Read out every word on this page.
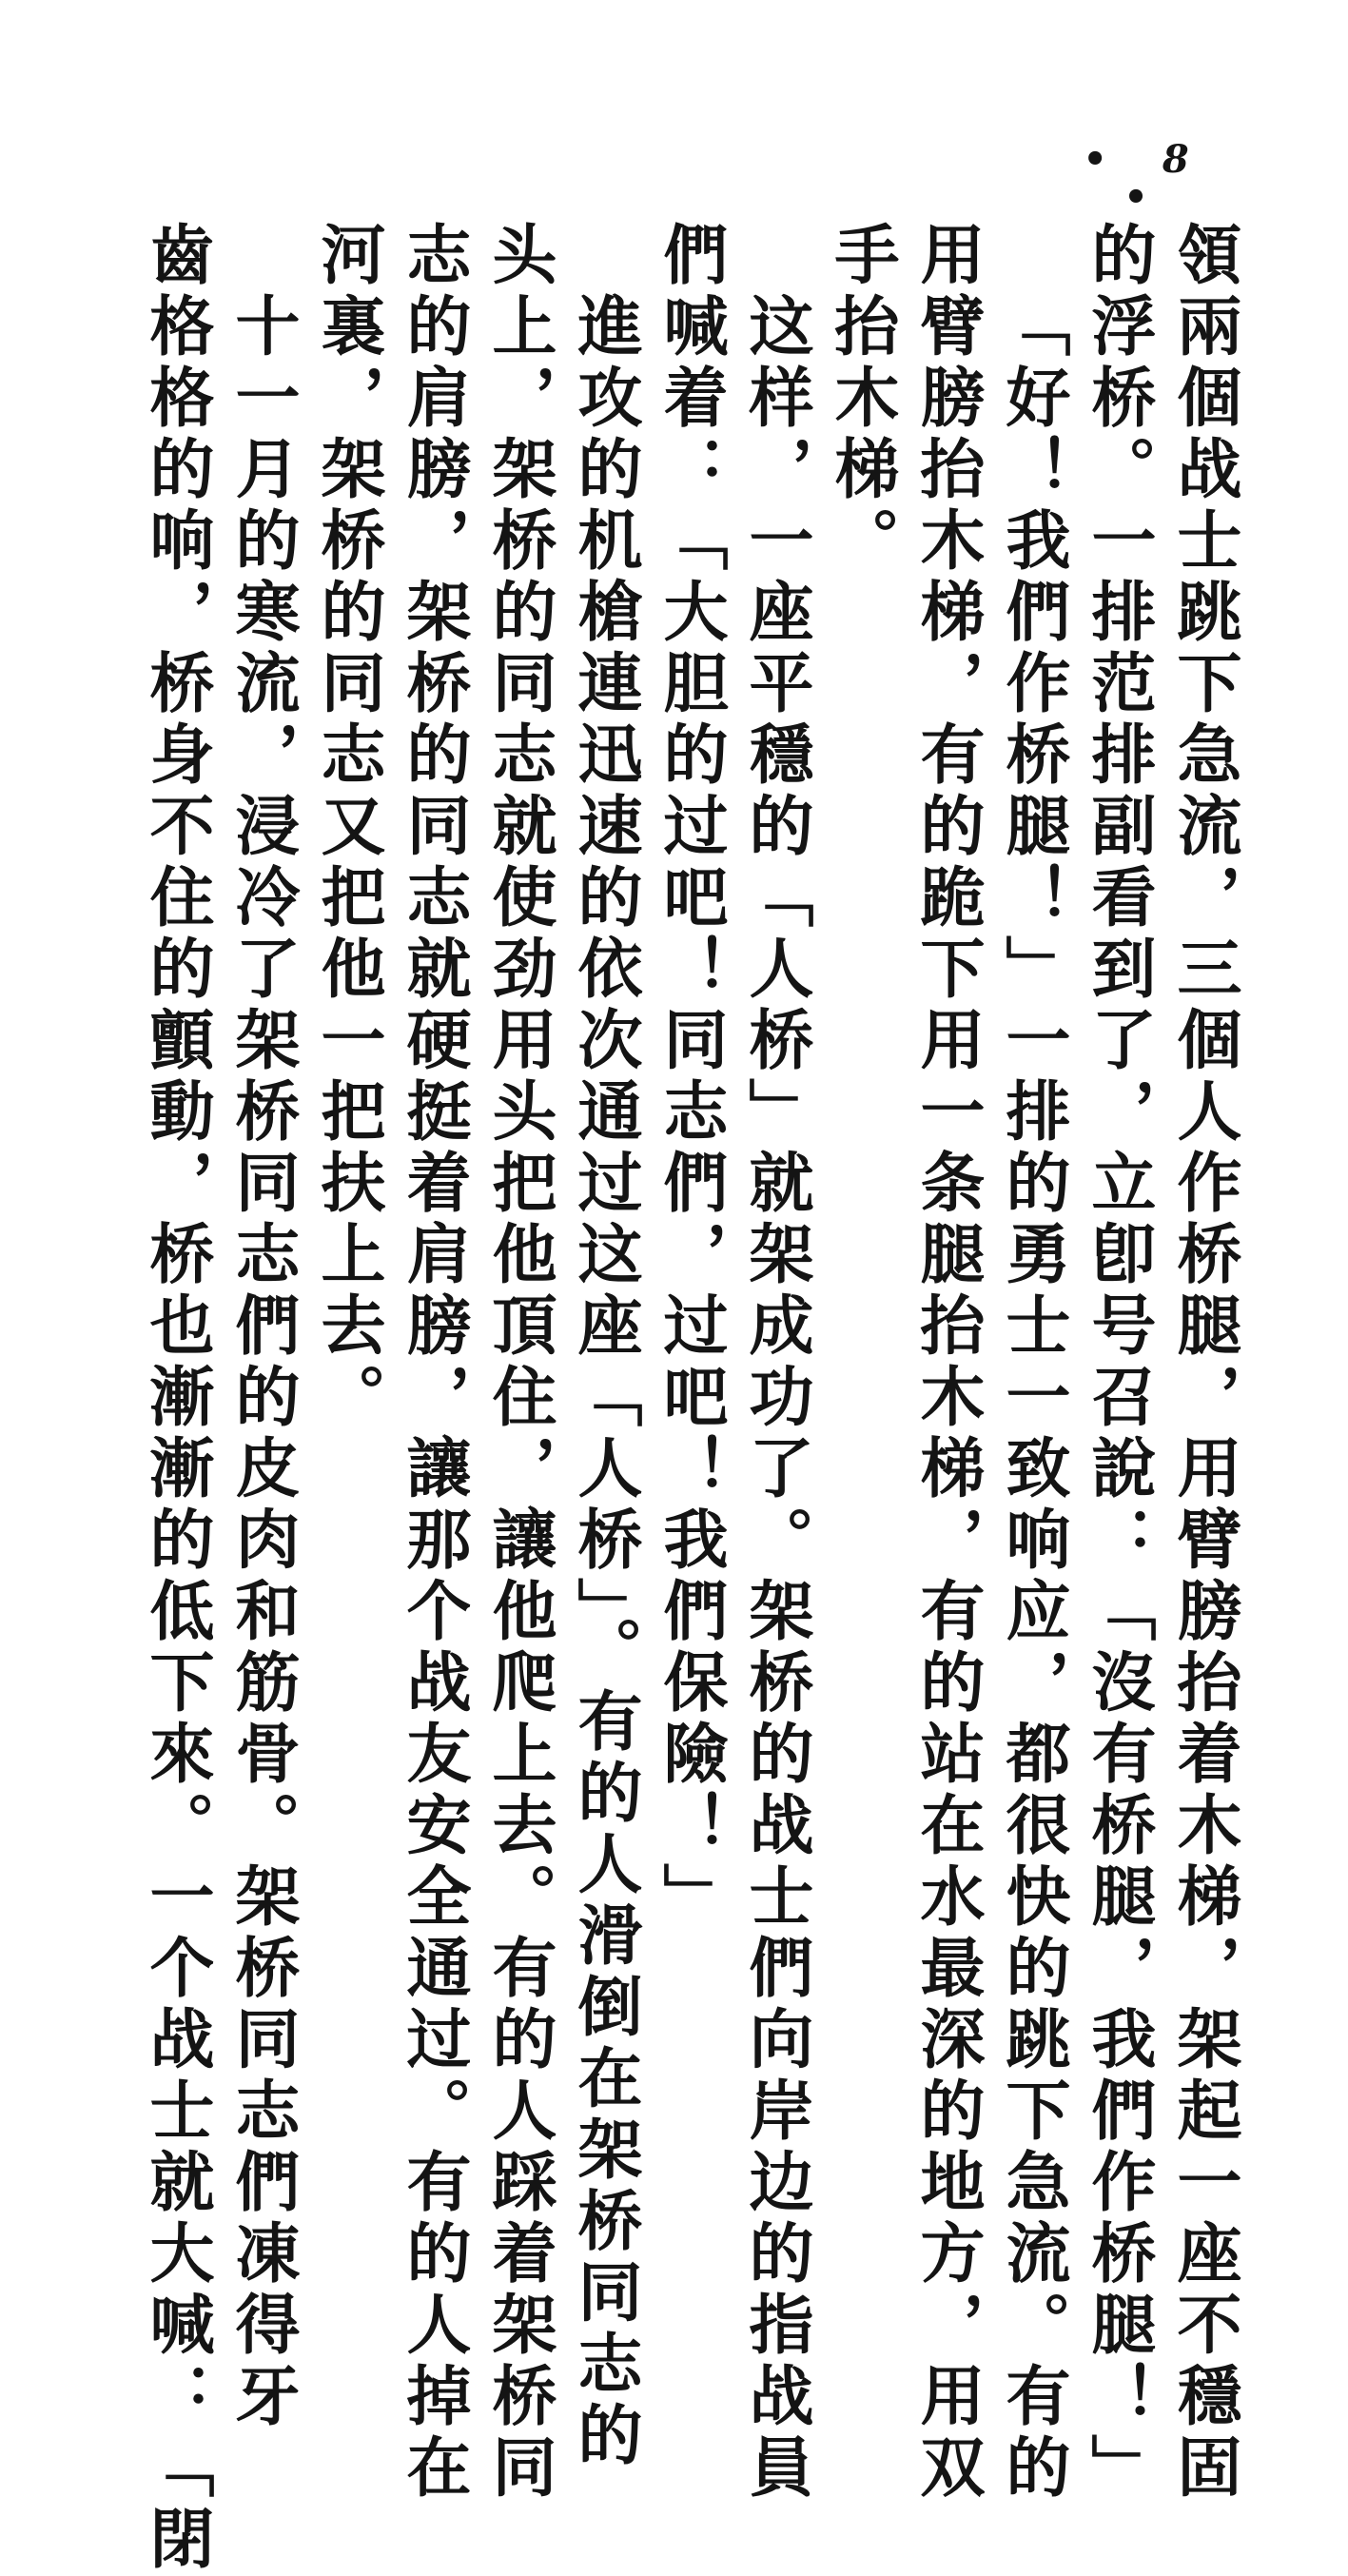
• 8 •
領兩個战士跳下急流，三個人作桥腿，用臂膀抬着木梯，架起一座不穩固
的浮桥。一排范排副看到了，立卽号召說：「沒有桥腿，我們作桥腿！」
「好！我們作桥腿！」一排的勇士一致响应，都很快的跳下急流。有的
用臂膀抬木梯，有的跪下用一条腿抬木梯，有的站在水最深的地方，用双
手抬木梯。
这样，一座平穩的「人桥」就架成功了。架桥的战士們向岸边的指战員
們喊着：「大胆的过吧！同志們，过吧！我們保險！」
進攻的机槍連迅速的依次通过这座「人桥」。有的人滑倒在架桥同志的
头上，架桥的同志就使劲用头把他頂住，讓他爬上去。有的人踩着架桥同
志的肩膀，架桥的同志就硬挺着肩膀，讓那个战友安全通过。有的人掉在
河裏，架桥的同志又把他一把扶上去。
十一月的寒流，浸冷了架桥同志們的皮肉和筋骨。架桥同志們凍得牙
齒格格的响，桥身不住的顫動，桥也漸漸的低下來。一个战士就大喊：「閉
